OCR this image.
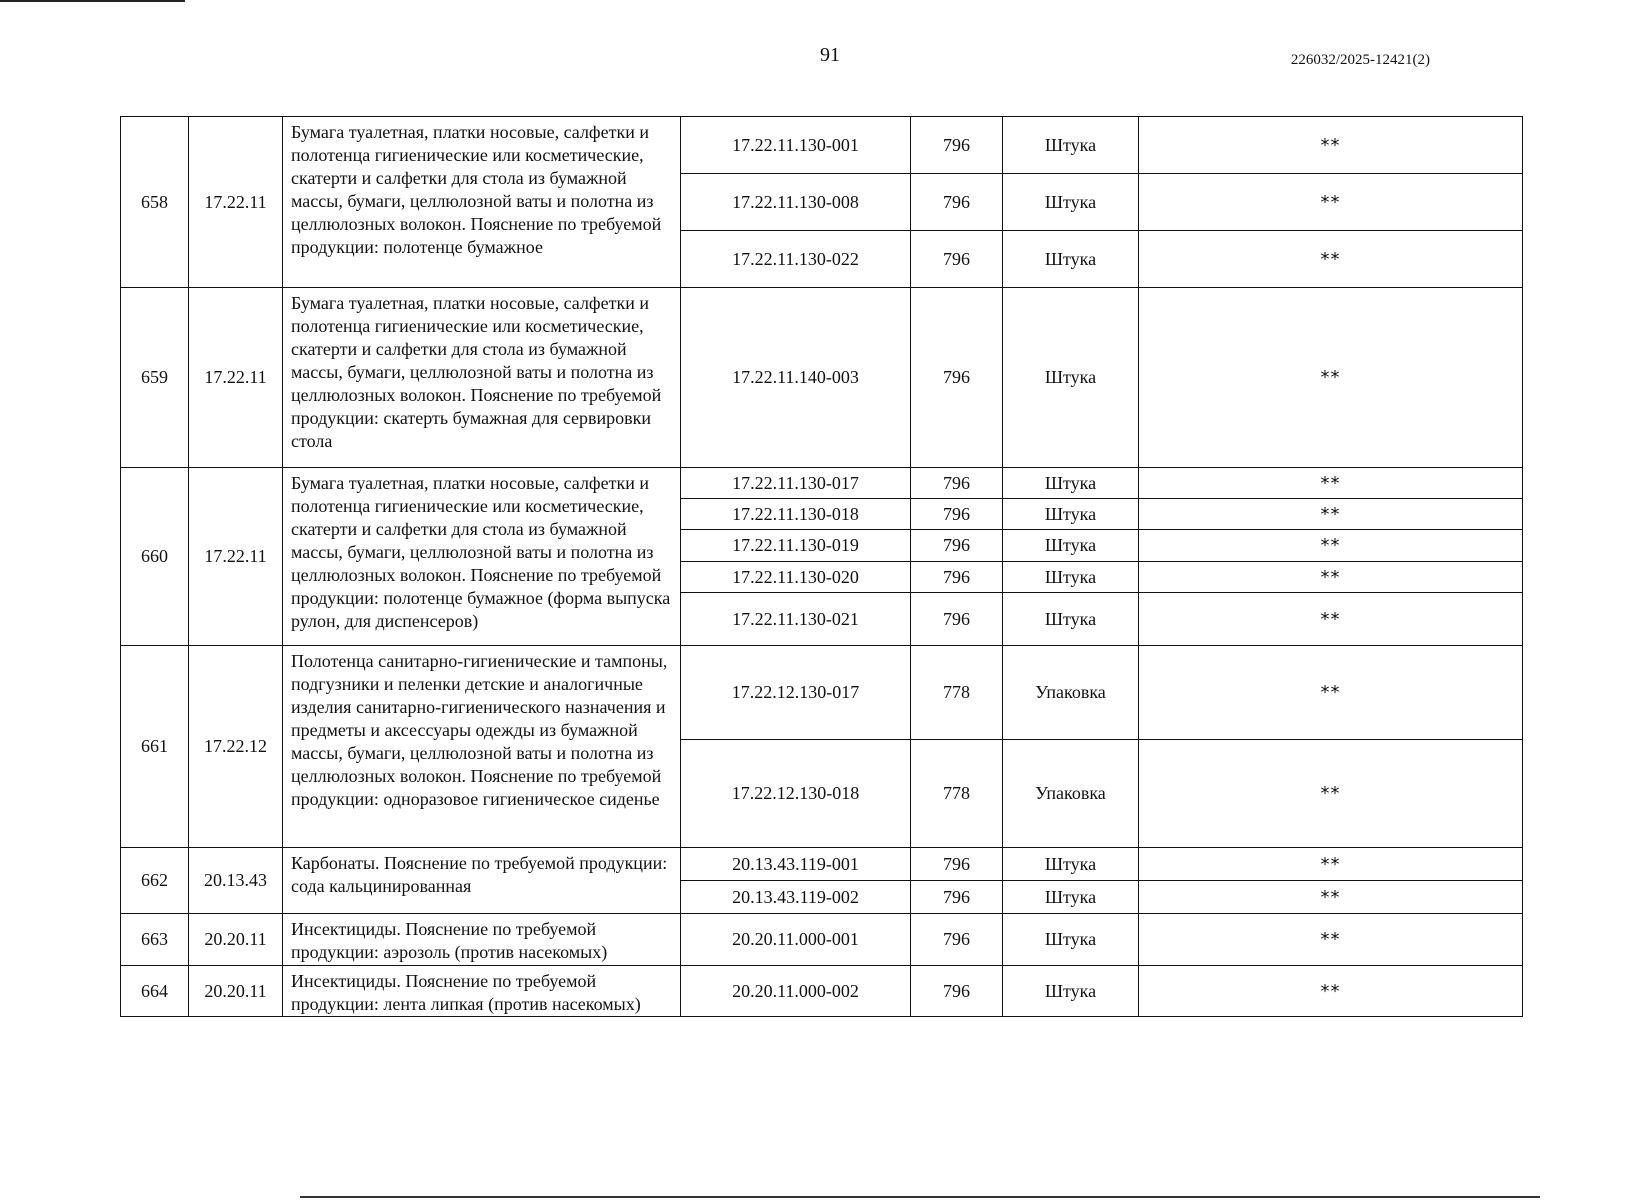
91	226032/2025-12421(2)
658	17.22.11	Бумага туалетная, платки носовые, салфетки и полотенца гигиенические или косметические, скатерти и салфетки для стола из бумажной массы, бумаги, целлюлозной ваты и полотна из целлюлозных волокон. Пояснение по требуемой продукции: полотенце бумажное	17.22.11.130-001	796	Штука	**
			17.22.11.130-008	796	Штука	**
			17.22.11.130-022	796	Штука	**
659	17.22.11	Бумага туалетная, платки носовые, салфетки и полотенца гигиенические или косметические, скатерти и салфетки для стола из бумажной массы, бумаги, целлюлозной ваты и полотна из целлюлозных волокон. Пояснение по требуемой продукции: скатерть бумажная для сервировки стола	17.22.11.140-003	796	Штука	**
660	17.22.11	Бумага туалетная, платки носовые, салфетки и полотенца гигиенические или косметические, скатерти и салфетки для стола из бумажной массы, бумаги, целлюлозной ваты и полотна из целлюлозных волокон. Пояснение по требуемой продукции: полотенце бумажное (форма выпуска рулон, для диспенсеров)	17.22.11.130-017	796	Штука	**
			17.22.11.130-018	796	Штука	**
			17.22.11.130-019	796	Штука	**
			17.22.11.130-020	796	Штука	**
			17.22.11.130-021	796	Штука	**
661	17.22.12	Полотенца санитарно-гигиенические и тампоны, подгузники и пеленки детские и аналогичные изделия санитарно-гигиенического назначения и предметы и аксессуары одежды из бумажной массы, бумаги, целлюлозной ваты и полотна из целлюлозных волокон. Пояснение по требуемой продукции: одноразовое гигиеническое сиденье	17.22.12.130-017	778	Упаковка	**
			17.22.12.130-018	778	Упаковка	**
662	20.13.43	Карбонаты. Пояснение по требуемой продукции: сода кальцинированная	20.13.43.119-001	796	Штука	**
			20.13.43.119-002	796	Штука	**
663	20.20.11	Инсектициды. Пояснение по требуемой продукции: аэрозоль (против насекомых)	20.20.11.000-001	796	Штука	**
664	20.20.11	Инсектициды. Пояснение по требуемой продукции: лента липкая (против насекомых)	20.20.11.000-002	796	Штука	**
